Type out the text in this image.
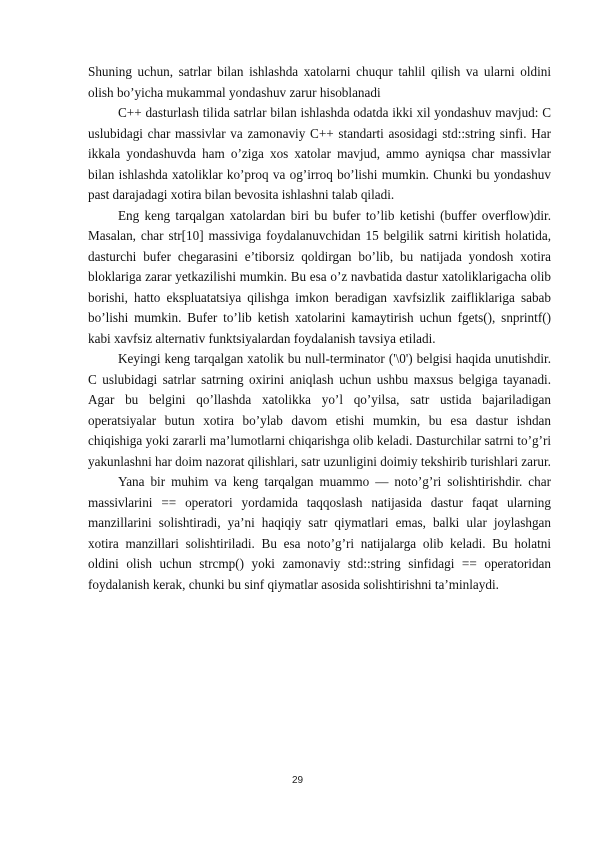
Shuning uchun, satrlar bilan ishlashda xatolarni chuqur tahlil qilish va ularni oldini olish bo’yicha mukammal yondashuv zarur hisoblanadi

C++ dasturlash tilida satrlar bilan ishlashda odatda ikki xil yondashuv mavjud: C uslubidagi char massivlar va zamonaviy C++ standarti asosidagi std::string sinfi. Har ikkala yondashuvda ham o’ziga xos xatolar mavjud, ammo ayniqsa char massivlar bilan ishlashda xatoliklar ko’proq va og’irroq bo’lishi mumkin. Chunki bu yondashuv past darajadagi xotira bilan bevosita ishlashni talab qiladi.

Eng keng tarqalgan xatolardan biri bu bufer to’lib ketishi (buffer overflow)dir. Masalan, char str[10] massiviga foydalanuvchidan 15 belgilik satrni kiritish holatida, dasturchi bufer chegarasini e’tiborsiz qoldirgan bo’lib, bu natijada yondosh xotira bloklariga zarar yetkazilishi mumkin. Bu esa o’z navbatida dastur xatoliklarigacha olib borishi, hatto ekspluatatsiya qilishga imkon beradigan xavfsizlik zaifliklariga sabab bo’lishi mumkin. Bufer to’lib ketish xatolarini kamaytirish uchun fgets(), snprintf() kabi xavfsiz alternativ funktsiyalardan foydalanish tavsiya etiladi.

Keyingi keng tarqalgan xatolik bu null-terminator ('\0') belgisi haqida unutishdir. C uslubidagi satrlar satrning oxirini aniqlash uchun ushbu maxsus belgiga tayanadi. Agar bu belgini qo’llashda xatolikka yo’l qo’yilsa, satr ustida bajariladigan operatsiyalar butun xotira bo’ylab davom etishi mumkin, bu esa dastur ishdan chiqishiga yoki zararli ma’lumotlarni chiqarishga olib keladi. Dasturchilar satrni to’g’ri yakunlashni har doim nazorat qilishlari, satr uzunligini doimiy tekshirib turishlari zarur.

Yana bir muhim va keng tarqalgan muammo — noto’g’ri solishtirishdir. char massivlarini == operatori yordamida taqqoslash natijasida dastur faqat ularning manzillarini solishtiradi, ya’ni haqiqiy satr qiymatlari emas, balki ular joylashgan xotira manzillari solishtiriladi. Bu esa noto’g’ri natijalarga olib keladi. Bu holatni oldini olish uchun strcmp() yoki zamonaviy std::string sinfidagi == operatoridan foydalanish kerak, chunki bu sinf qiymatlar asosida solishtirishni ta’minlaydi.

29
